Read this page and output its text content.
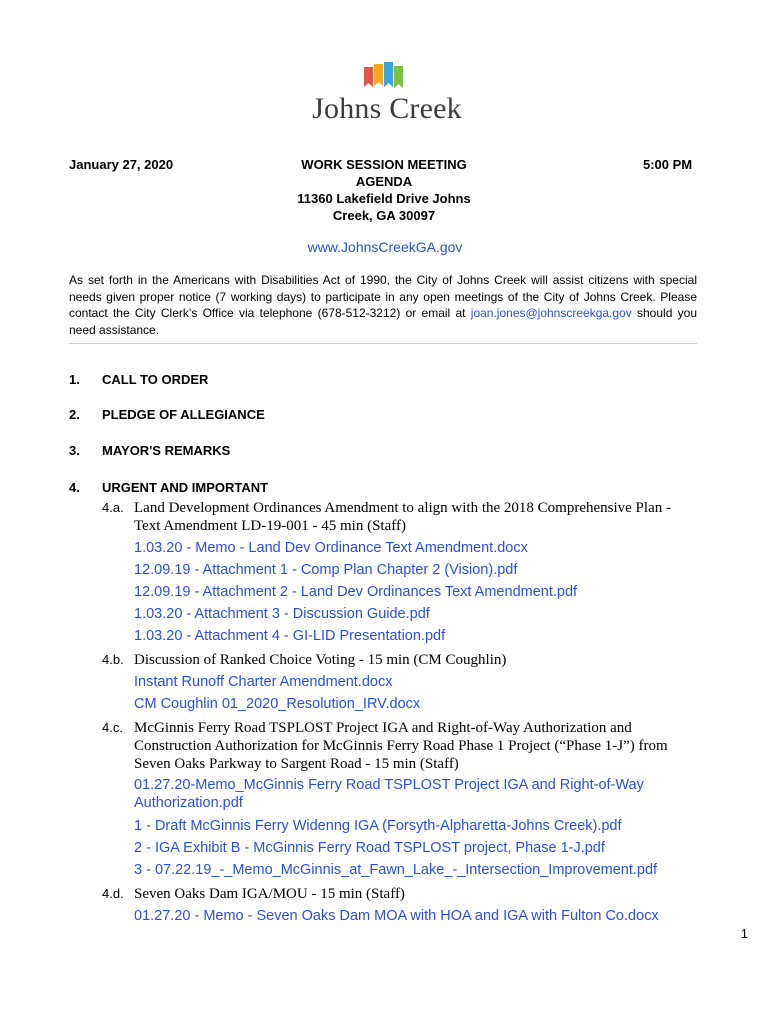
Johns Creek
January 27, 2020	WORK SESSION MEETING
AGENDA
11360 Lakefield Drive Johns
Creek, GA 30097
5:00 PM
www.JohnsCreekGA.gov
As set forth in the Americans with Disabilities Act of 1990, the City of Johns Creek will assist citizens with special needs given proper notice (7 working days) to participate in any open meetings of the City of Johns Creek. Please contact the City Clerk’s Office via telephone (678-512-3212) or email at joan.jones@johnscreekga.gov should you need assistance.
1. CALL TO ORDER
2. PLEDGE OF ALLEGIANCE
3. MAYOR'S REMARKS
4. URGENT AND IMPORTANT
4.a. Land Development Ordinances Amendment to align with the 2018 Comprehensive Plan - Text Amendment LD-19-001 - 45 min (Staff)
1.03.20 - Memo - Land Dev Ordinance Text Amendment.docx
12.09.19 - Attachment 1 - Comp Plan Chapter 2 (Vision).pdf
12.09.19 - Attachment 2 - Land Dev Ordinances Text Amendment.pdf
1.03.20 - Attachment 3 - Discussion Guide.pdf
1.03.20 - Attachment 4 - GI-LID Presentation.pdf
4.b. Discussion of Ranked Choice Voting - 15 min (CM Coughlin)
Instant Runoff Charter Amendment.docx
CM Coughlin 01_2020_Resolution_IRV.docx
4.c. McGinnis Ferry Road TSPLOST Project IGA and Right-of-Way Authorization and Construction Authorization for McGinnis Ferry Road Phase 1 Project (“Phase 1-J”) from Seven Oaks Parkway to Sargent Road - 15 min (Staff)
01.27.20-Memo_McGinnis Ferry Road TSPLOST Project IGA and Right-of-Way
Authorization.pdf
1 - Draft McGinnis Ferry Widenng IGA (Forsyth-Alpharetta-Johns Creek).pdf
2 - IGA Exhibit B - McGinnis Ferry Road TSPLOST project, Phase 1-J.pdf
3 - 07.22.19_-_Memo_McGinnis_at_Fawn_Lake_-_Intersection_Improvement.pdf
4.d. Seven Oaks Dam IGA/MOU - 15 min (Staff)
01.27.20 - Memo - Seven Oaks Dam MOA with HOA and IGA with Fulton Co.docx
1
